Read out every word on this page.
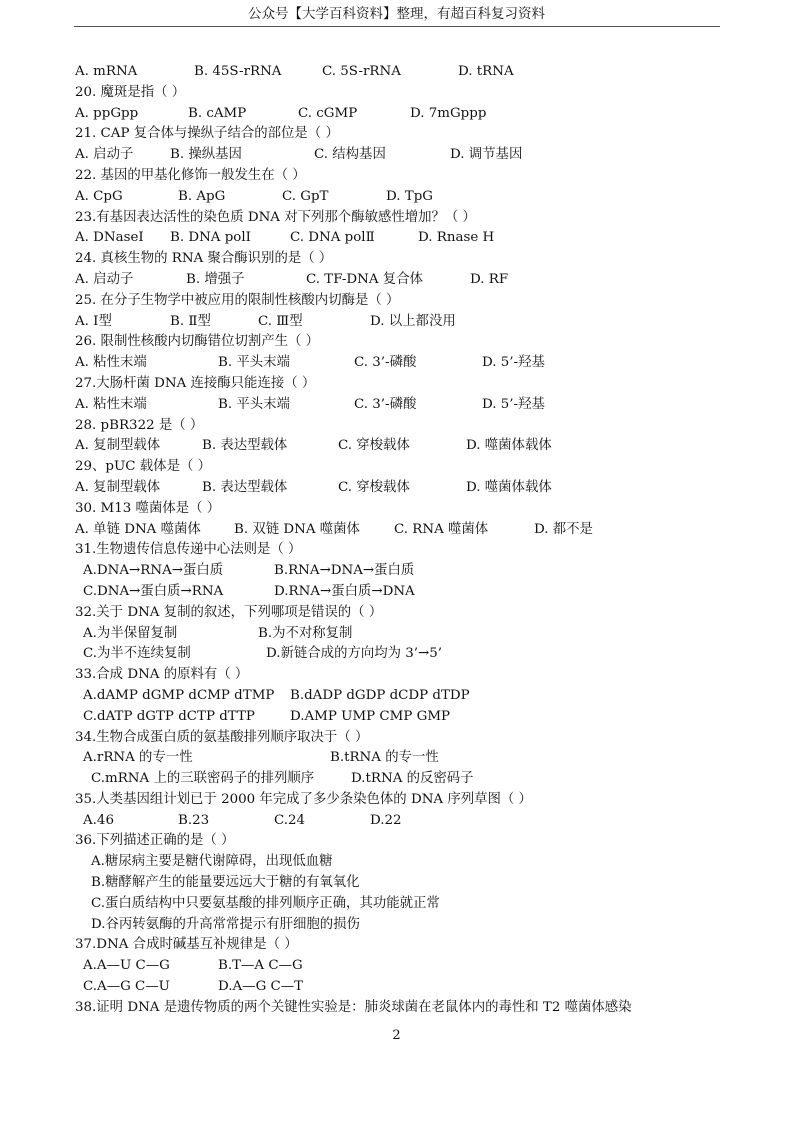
公众号【大学百科资料】整理，有超百科复习资料
A. mRNA	B. 45S-rRNA	C. 5S-rRNA	D. tRNA
20. 魔斑是指（ ）
A. ppGpp	B. cAMP	C. cGMP	D. 7mGppp
21. CAP 复合体与操纵子结合的部位是（ ）
A. 启动子	B. 操纵基因	C. 结构基因	D. 调节基因
22. 基因的甲基化修饰一般发生在（ ）
A. CpG	B. ApG	C. GpT	D. TpG
23.有基因表达活性的染色质 DNA 对下列那个酶敏感性增加？（ ）
A. DNaseⅠ B. DNA polⅠ	C. DNA polⅡ	D. Rnase H
24. 真核生物的 RNA 聚合酶识别的是（ ）
A. 启动子	B. 增强子	C. TF-DNA 复合体	D. RF
25. 在分子生物学中被应用的限制性核酸内切酶是（ ）
A. Ⅰ型	B. Ⅱ型	C. Ⅲ型	D. 以上都没用
26. 限制性核酸内切酶错位切割产生（ ）
A. 粘性末端	B. 平头末端	C. 3’-磷酸	D. 5’-羟基
27.大肠杆菌 DNA 连接酶只能连接（ ）
A. 粘性末端	B. 平头末端	C. 3’-磷酸	D. 5’-羟基
28. pBR322 是（ ）
A. 复制型载体	B. 表达型载体	C. 穿梭载体	D. 噬菌体载体
29、pUC 载体是（ ）
A. 复制型载体	B. 表达型载体	C. 穿梭载体	D. 噬菌体载体
30. M13 噬菌体是（ ）
A. 单链 DNA 噬菌体 B. 双链 DNA 噬菌体	C. RNA 噬菌体	D. 都不是
31.生物遗传信息传递中心法则是（ ）
A.DNA→RNA→蛋白质	B.RNA→DNA→蛋白质
C.DNA→蛋白质→RNA	D.RNA→蛋白质→DNA
32.关于 DNA 复制的叙述，下列哪项是错误的（ ）
A.为半保留复制	B.为不对称复制
C.为半不连续复制	D.新链合成的方向均为 3’→5’
33.合成 DNA 的原料有（ ）
A.dAMP dGMP dCMP dTMP B.dADP dGDP dCDP dTDP
C.dATP dGTP dCTP dTTP	D.AMP UMP CMP GMP
34.生物合成蛋白质的氨基酸排列顺序取决于（ ）
A.rRNA 的专一性	B.tRNA 的专一性
C.mRNA 上的三联密码子的排列顺序	D.tRNA 的反密码子
35.人类基因组计划已于 2000 年完成了多少条染色体的 DNA 序列草图（ ）
A.46	B.23	C.24	D.22
36.下列描述正确的是（ ）
A.糖尿病主要是糖代谢障碍，出现低血糖
B.糖酵解产生的能量要远远大于糖的有氧氧化
C.蛋白质结构中只要氨基酸的排列顺序正确，其功能就正常
D.谷丙转氨酶的升高常常提示有肝细胞的损伤
37.DNA 合成时碱基互补规律是（ ）
A.A—U C—G	B.T—A C—G
C.A—G C—U	D.A—G C—T
38.证明 DNA 是遗传物质的两个关键性实验是：肺炎球菌在老鼠体内的毒性和 T2 噬菌体感染
2
